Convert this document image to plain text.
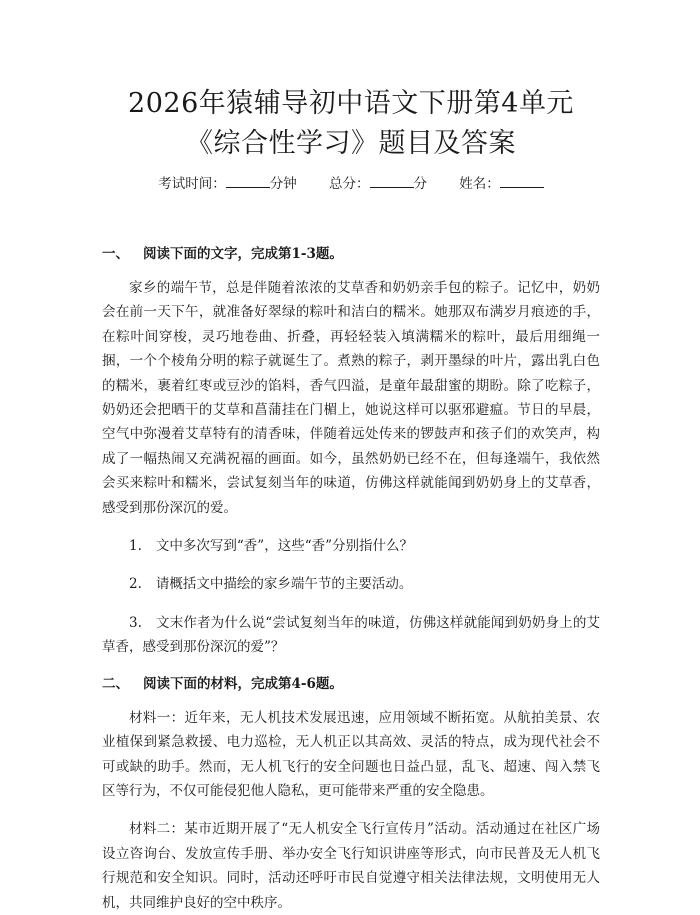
2026年猿辅导初中语文下册第4单元《综合性学习》题目及答案
考试时间：	分钟 总分：	分 姓名：
一、 阅读下面的文字，完成第1-3题。

家乡的端午节，总是伴随着浓浓的艾草香和奶奶亲手包的粽子。记忆中，奶奶会在前一天下午，就准备好翠绿的粽叶和洁白的糯米。她那双布满岁月痕迹的手，在粽叶间穿梭，灵巧地卷曲、折叠，再轻轻装入填满糯米的粽叶，最后用细绳一捆，一个个棱角分明的粽子就诞生了。煮熟的粽子，剥开墨绿的叶片，露出乳白色的糯米，裹着红枣或豆沙的馅料，香气四溢，是童年最甜蜜的期盼。除了吃粽子，奶奶还会把晒干的艾草和菖蒲挂在门楣上，她说这样可以驱邪避瘟。节日的早晨，空气中弥漫着艾草特有的清香味，伴随着远处传来的锣鼓声和孩子们的欢笑声，构成了一幅热闹又充满祝福的画面。如今，虽然奶奶已经不在，但每逢端午，我依然会买来粽叶和糯米，尝试复刻当年的味道，仿佛这样就能闻到奶奶身上的艾草香，感受到那份深沉的爱。

1. 文中多次写到“香”，这些“香”分别指什么？

2. 请概括文中描绘的家乡端午节的主要活动。

3. 文末作者为什么说“尝试复刻当年的味道，仿佛这样就能闻到奶奶身上的艾草香，感受到那份深沉的爱”？

二、 阅读下面的材料，完成第4-6题。

材料一：近年来，无人机技术发展迅速，应用领域不断拓宽。从航拍美景、农业植保到紧急救援、电力巡检，无人机正以其高效、灵活的特点，成为现代社会不可或缺的助手。然而，无人机飞行的安全问题也日益凸显，乱飞、超速、闯入禁飞区等行为，不仅可能侵犯他人隐私，更可能带来严重的安全隐患。

材料二：某市近期开展了“无人机安全飞行宣传月”活动。活动通过在社区广场设立咨询台、发放宣传手册、举办安全飞行知识讲座等形式，向市民普及无人机飞行规范和安全知识。同时，活动还呼吁市民自觉遵守相关法律法规，文明使用无人机，共同维护良好的空中秩序。
